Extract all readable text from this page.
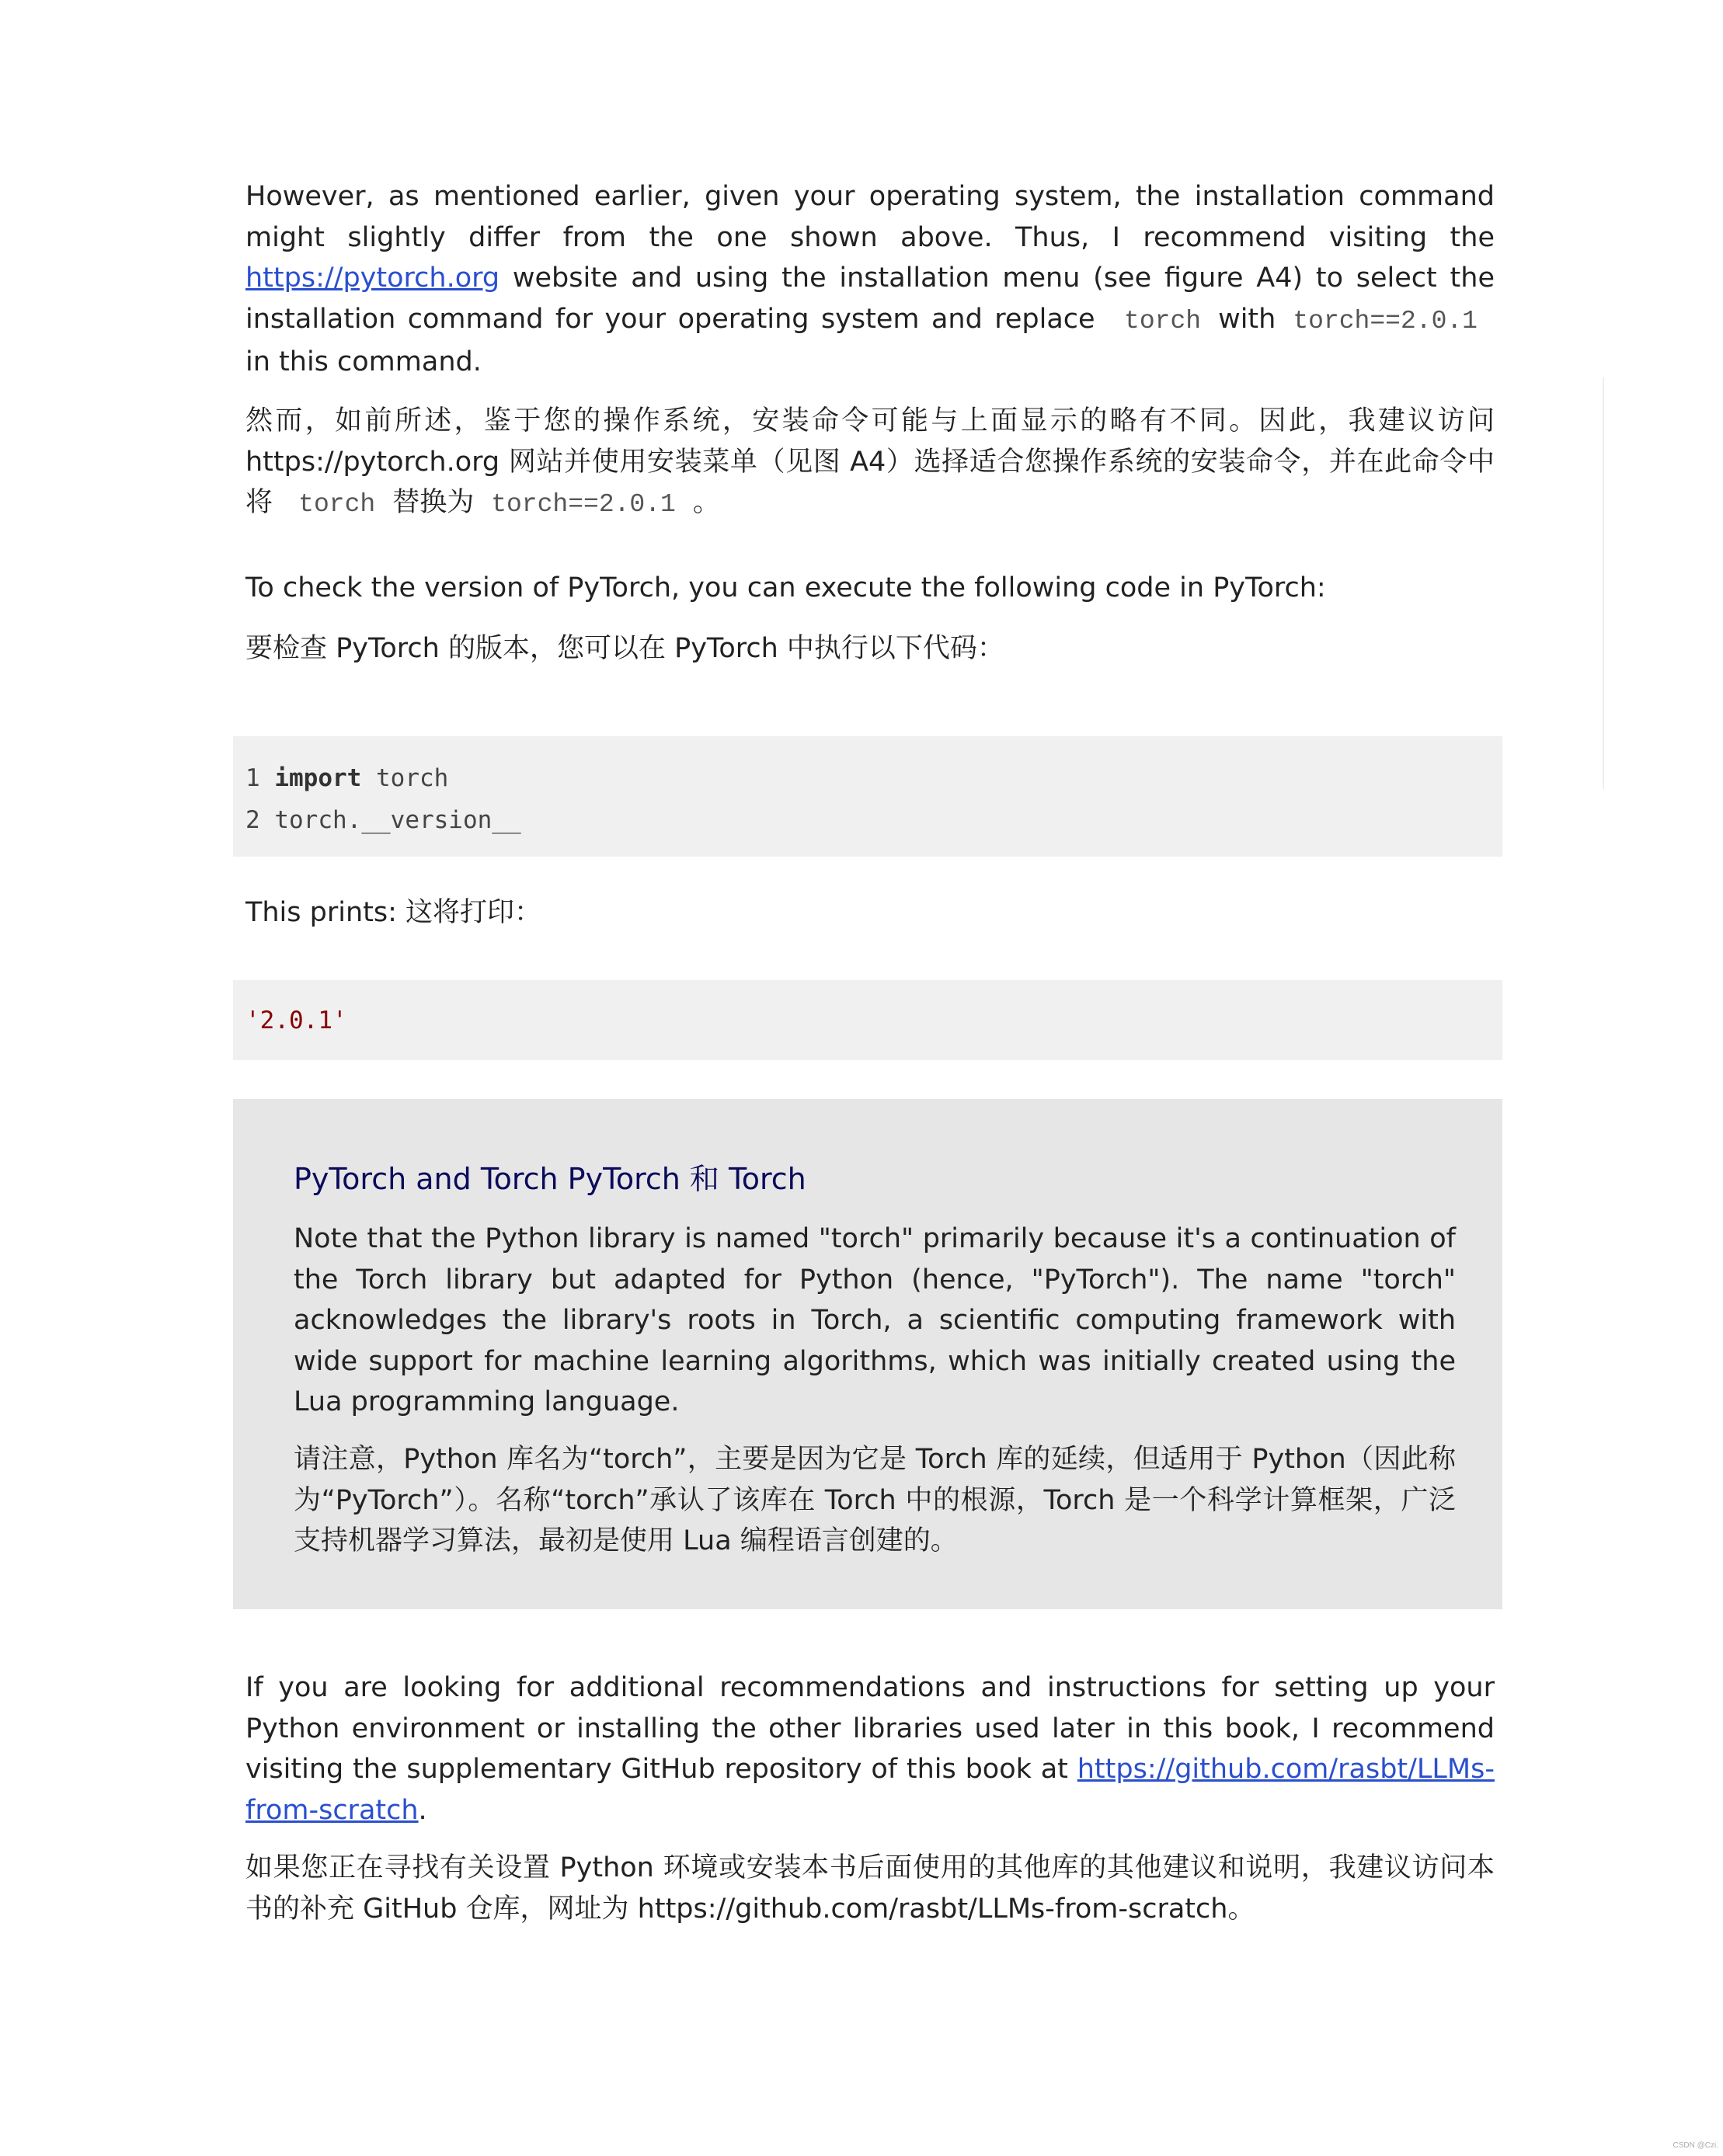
However, as mentioned earlier, given your operating system, the installation command might slightly differ from the one shown above. Thus, I recommend visiting the https://pytorch.org website and using the installation menu (see figure A4) to select the installation command for your operating system and replace torch with torch==2.0.1 in this command.

然而，如前所述，鉴于您的操作系统，安装命令可能与上面显示的略有不同。因此，我建议访问 https://pytorch.org 网站并使用安装菜单（见图 A4）选择适合您操作系统的安装命令，并在此命令中将 torch 替换为 torch==2.0.1 。

To check the version of PyTorch, you can execute the following code in PyTorch:

要检查 PyTorch 的版本，您可以在 PyTorch 中执行以下代码：

1 import torch
2 torch.__version__

This prints: 这将打印：

'2.0.1'
PyTorch and Torch PyTorch 和 Torch

Note that the Python library is named "torch" primarily because it's a continuation of the Torch library but adapted for Python (hence, "PyTorch"). The name "torch" acknowledges the library's roots in Torch, a scientific computing framework with wide support for machine learning algorithms, which was initially created using the Lua programming language.

请注意，Python 库名为“torch”，主要是因为它是 Torch 库的延续，但适用于 Python（因此称为“PyTorch”）。名称“torch”承认了该库在 Torch 中的根源，Torch 是一个科学计算框架，广泛支持机器学习算法，最初是使用 Lua 编程语言创建的。

If you are looking for additional recommendations and instructions for setting up your Python environment or installing the other libraries used later in this book, I recommend visiting the supplementary GitHub repository of this book at https://github.com/rasbt/LLMs-from-scratch.

如果您正在寻找有关设置 Python 环境或安装本书后面使用的其他库的其他建议和说明，我建议访问本书的补充 GitHub 仓库，网址为 https://github.com/rasbt/LLMs-from-scratch。

CSDN @Czi.
